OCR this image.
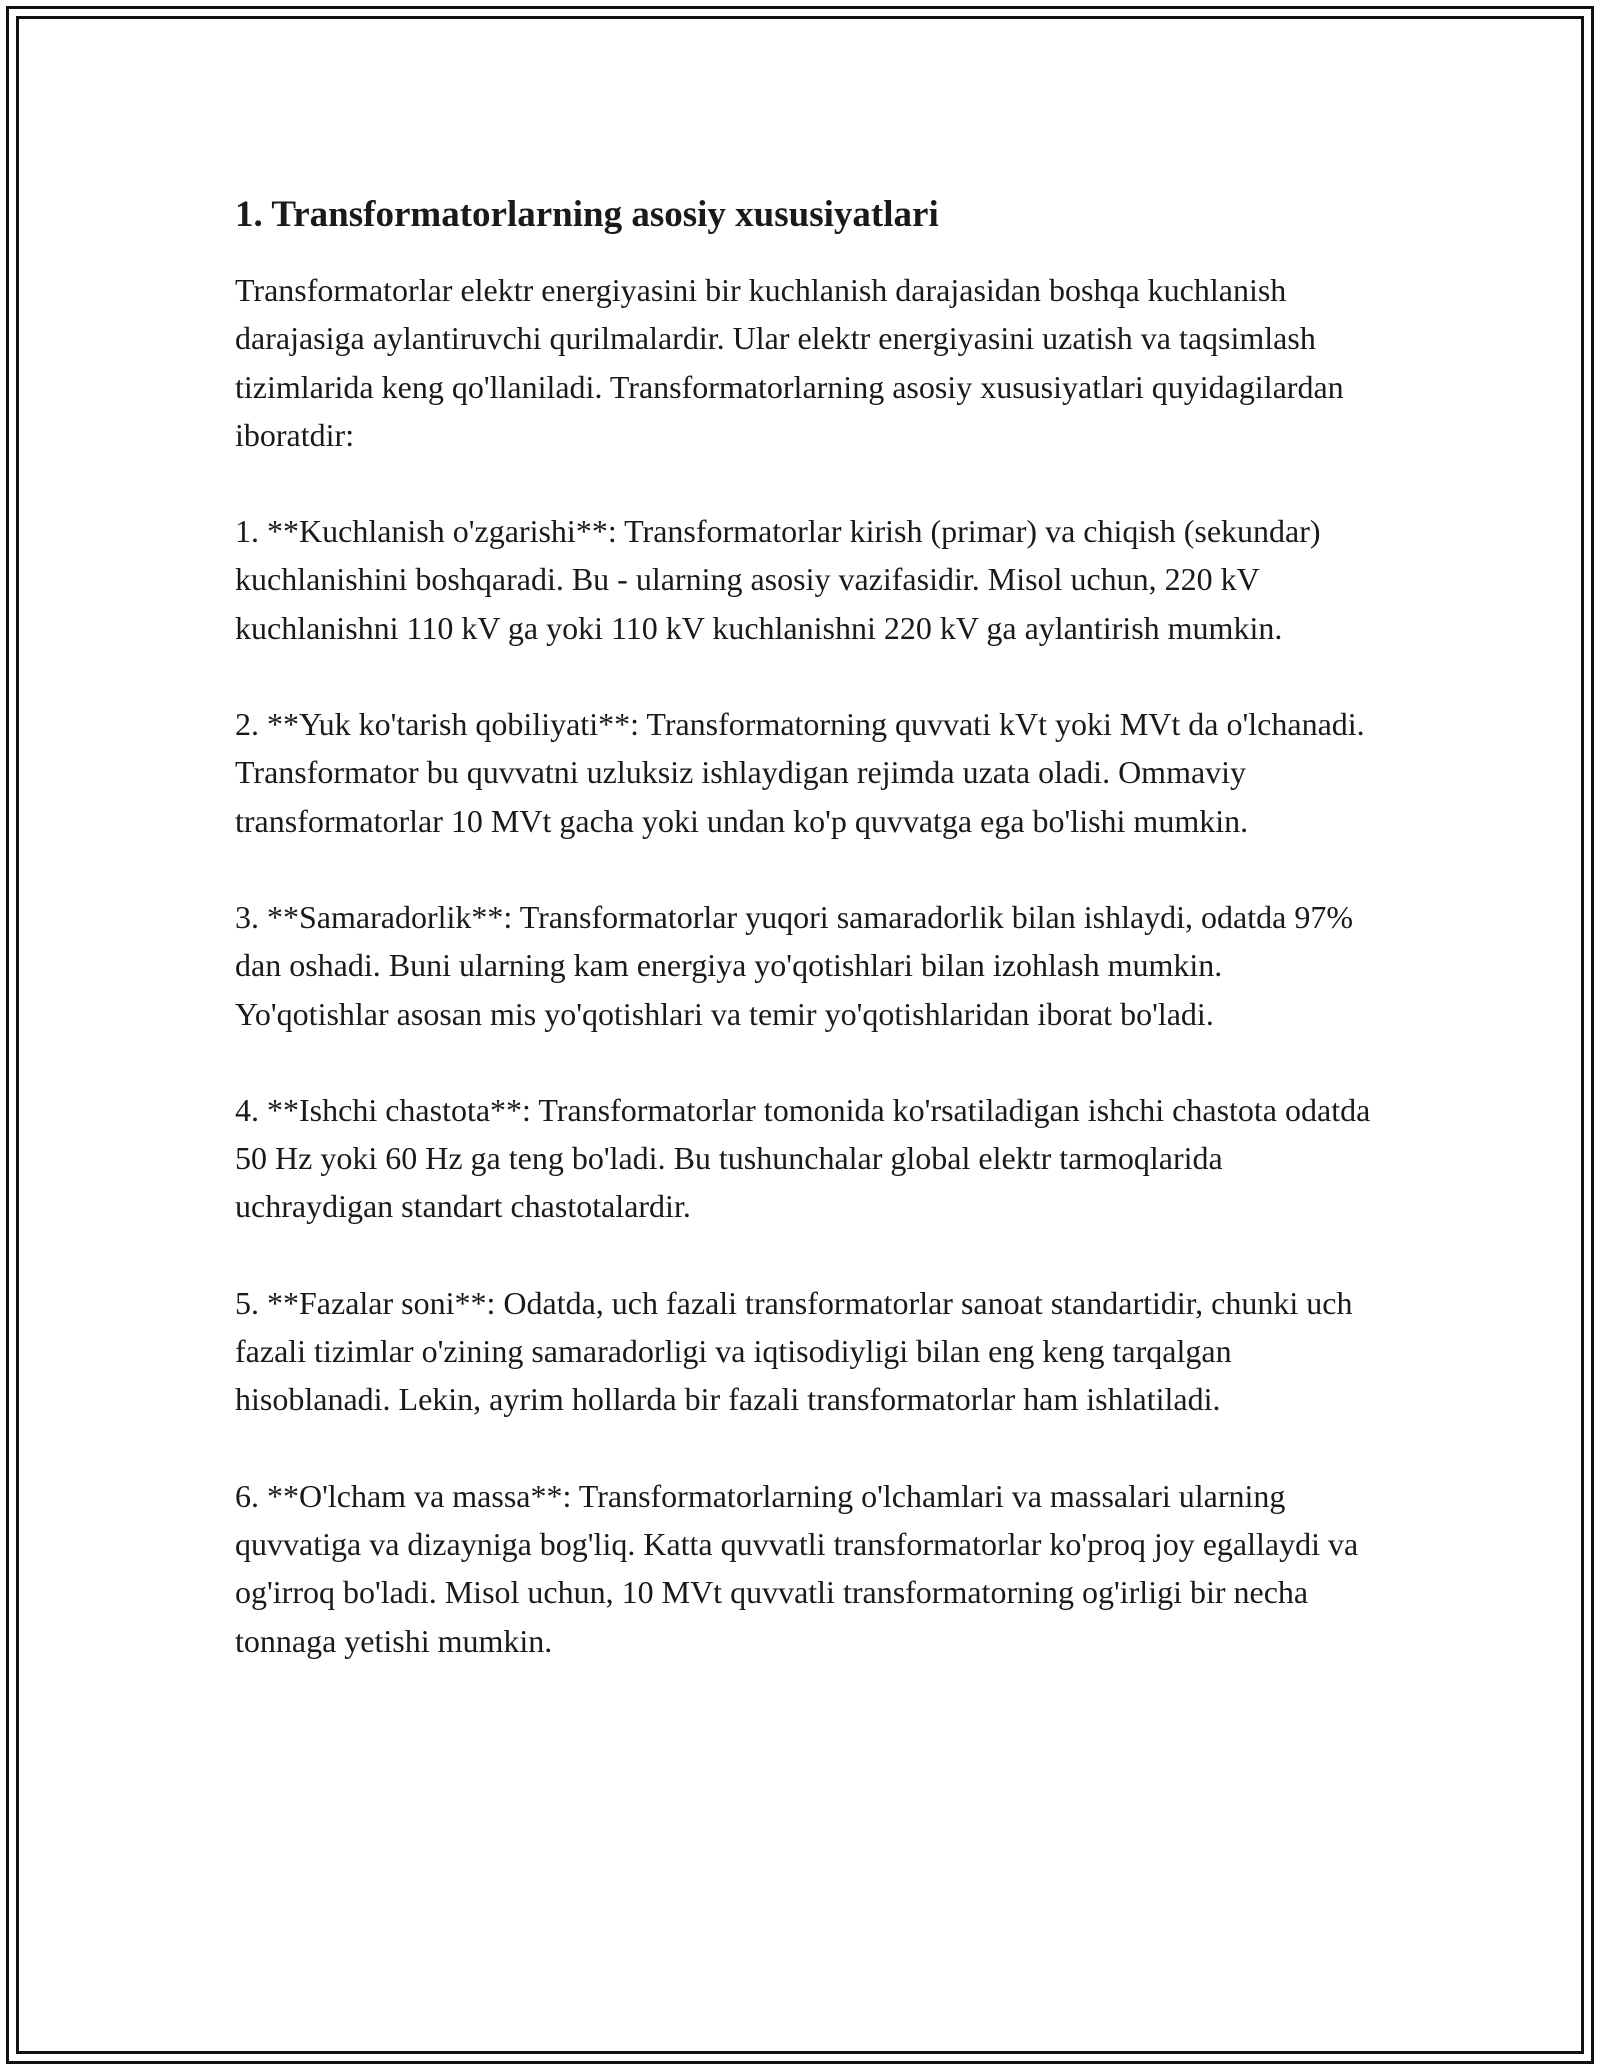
1. Transformatorlarning asosiy xususiyatlari

Transformatorlar elektr energiyasini bir kuchlanish darajasidan boshqa kuchlanish darajasiga aylantiruvchi qurilmalardir. Ular elektr energiyasini uzatish va taqsimlash tizimlarida keng qo'llaniladi. Transformatorlarning asosiy xususiyatlari quyidagilardan iboratdir:

1. **Kuchlanish o'zgarishi**: Transformatorlar kirish (primar) va chiqish (sekundar) kuchlanishini boshqaradi. Bu - ularning asosiy vazifasidir. Misol uchun, 220 kV kuchlanishni 110 kV ga yoki 110 kV kuchlanishni 220 kV ga aylantirish mumkin.

2. **Yuk ko'tarish qobiliyati**: Transformatorning quvvati kVt yoki MVt da o'lchanadi. Transformator bu quvvatni uzluksiz ishlaydigan rejimda uzata oladi. Ommaviy transformatorlar 10 MVt gacha yoki undan ko'p quvvatga ega bo'lishi mumkin.

3. **Samaradorlik**: Transformatorlar yuqori samaradorlik bilan ishlaydi, odatda 97% dan oshadi. Buni ularning kam energiya yo'qotishlari bilan izohlash mumkin. Yo'qotishlar asosan mis yo'qotishlari va temir yo'qotishlaridan iborat bo'ladi.

4. **Ishchi chastota**: Transformatorlar tomonida ko'rsatiladigan ishchi chastota odatda 50 Hz yoki 60 Hz ga teng bo'ladi. Bu tushunchalar global elektr tarmoqlarida uchraydigan standart chastotalardir.

5. **Fazalar soni**: Odatda, uch fazali transformatorlar sanoat standartidir, chunki uch fazali tizimlar o'zining samaradorligi va iqtisodiyligi bilan eng keng tarqalgan hisoblanadi. Lekin, ayrim hollarda bir fazali transformatorlar ham ishlatiladi.

6. **O'lcham va massa**: Transformatorlarning o'lchamlari va massalari ularning quvvatiga va dizayniga bog'liq. Katta quvvatli transformatorlar ko'proq joy egallaydi va og'irroq bo'ladi. Misol uchun, 10 MVt quvvatli transformatorning og'irligi bir necha tonnaga yetishi mumkin.
